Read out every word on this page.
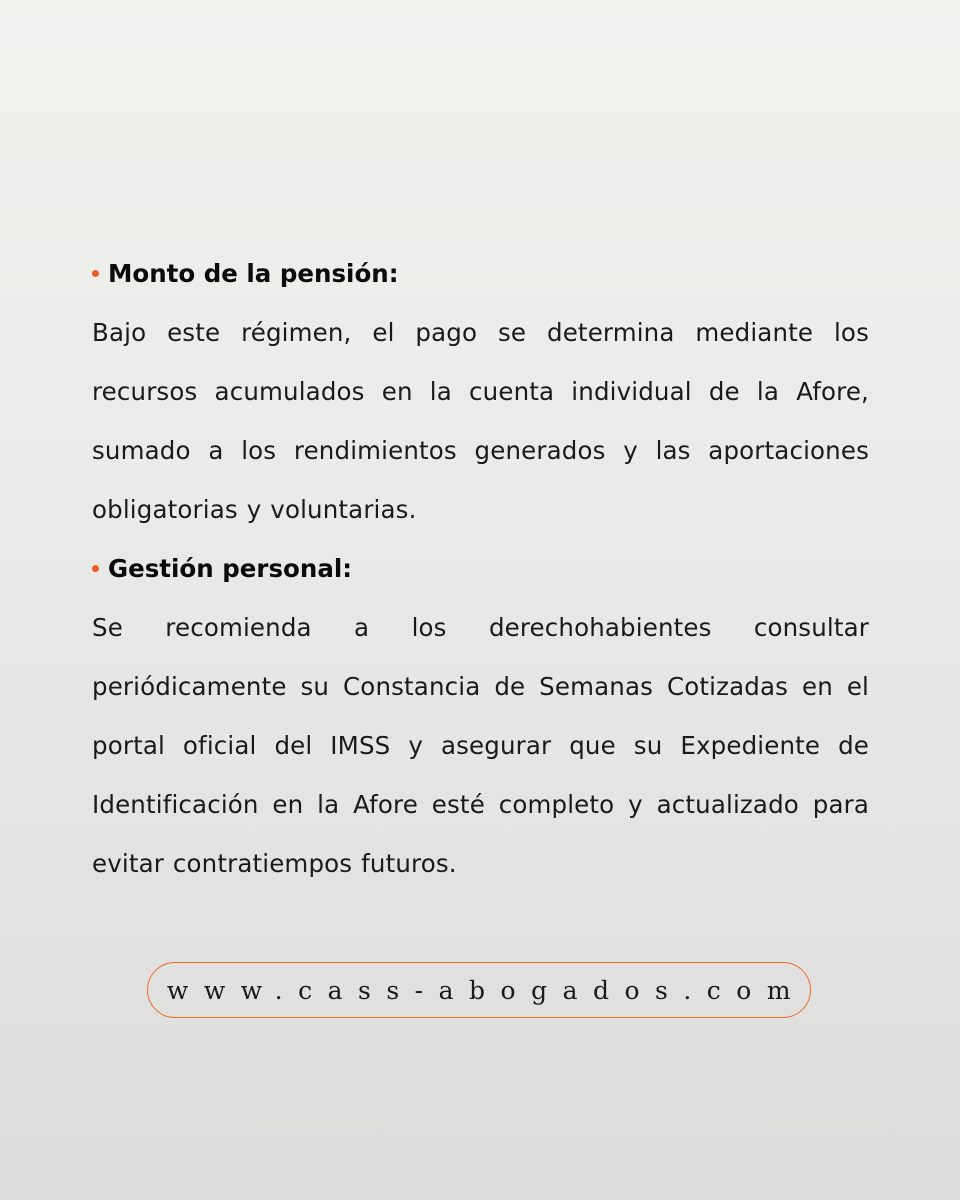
Monto de la pensión:

Bajo este régimen, el pago se determina mediante los recursos acumulados en la cuenta individual de la Afore, sumado a los rendimientos generados y las aportaciones obligatorias y voluntarias.

Gestión personal:

Se recomienda a los derechohabientes consultar periódicamente su Constancia de Semanas Cotizadas en el portal oficial del IMSS y asegurar que su Expediente de Identificación en la Afore esté completo y actualizado para evitar contratiempos futuros.

www.cass-abogados.com
